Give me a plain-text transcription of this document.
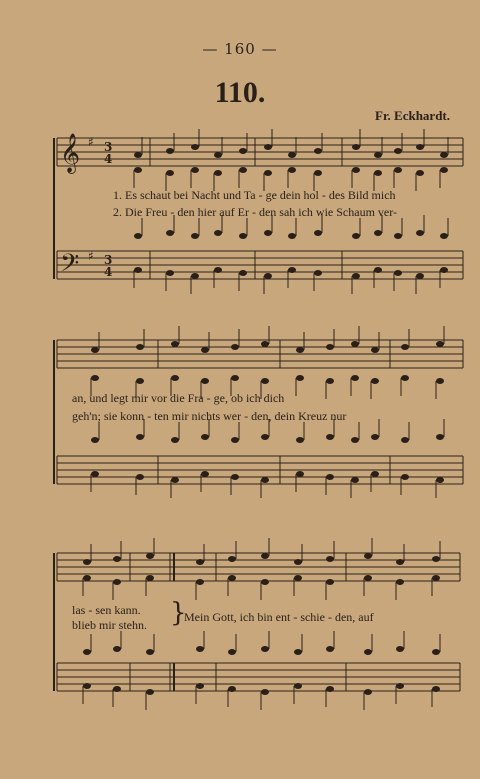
— 160 —
110.
Fr. Eckhardt.
𝄞 ♯ 3
4
𝄢 ♯ 3
4
1. Es schaut bei Nacht und Ta - ge dein hol - des Bild mich
2. Die Freu - den hier auf Er - den sah ich wie Schaum ver-
an, und legt mir vor die Fra - ge, ob ich dich
geh'n; sie konn - ten mir nichts wer - den, dein Kreuz nur
las - sen kann.
blieb mir stehn. }
Mein Gott, ich bin ent - schie - den, auf
